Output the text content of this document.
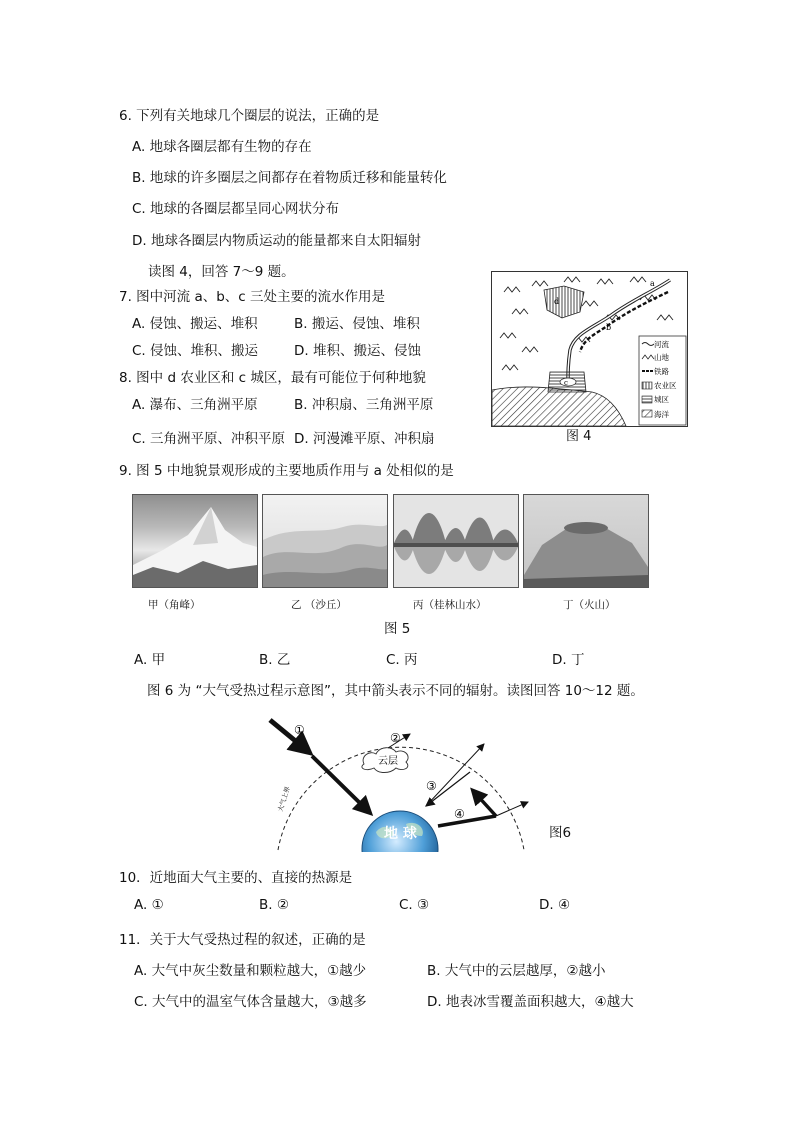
6. 下列有关地球几个圈层的说法，正确的是
A. 地球各圈层都有生物的存在
B. 地球的许多圈层之间都存在着物质迁移和能量转化
C. 地球的各圈层都呈同心网状分布
D. 地球各圈层内物质运动的能量都来自太阳辐射
读图 4，回答 7～9 题。
7. 图中河流 a、b、c 三处主要的流水作用是
A. 侵蚀、搬运、堆积	B. 搬运、侵蚀、堆积
C. 侵蚀、堆积、搬运	D. 堆积、搬运、侵蚀
8. 图中 d 农业区和 c 城区，最有可能位于何种地貌
A. 瀑布、三角洲平原	B. 冲积扇、三角洲平原
C. 三角洲平原、冲积平原 D. 河漫滩平原、冲积扇
a
b
c
d
河流
山地
铁路
农业区
城区
海洋
图 4
9. 图 5 中地貌景观形成的主要地质作用与 a 处相似的是
甲（角峰）	乙 （沙丘）	丙（桂林山水）	丁（火山）
图 5
A. 甲	B. 乙	C. 丙	D. 丁
图 6 为 “大气受热过程示意图”，其中箭头表示不同的辐射。读图回答 10～12 题。
大气上界
地 球
①
云层
②
③
④
图6
10．近地面大气主要的、直接的热源是
A. ①	B. ②	C. ③	D. ④
11．关于大气受热过程的叙述，正确的是
A. 大气中灰尘数量和颗粒越大，①越少	B. 大气中的云层越厚，②越小
C. 大气中的温室气体含量越大，③越多	D. 地表冰雪覆盖面积越大，④越大
